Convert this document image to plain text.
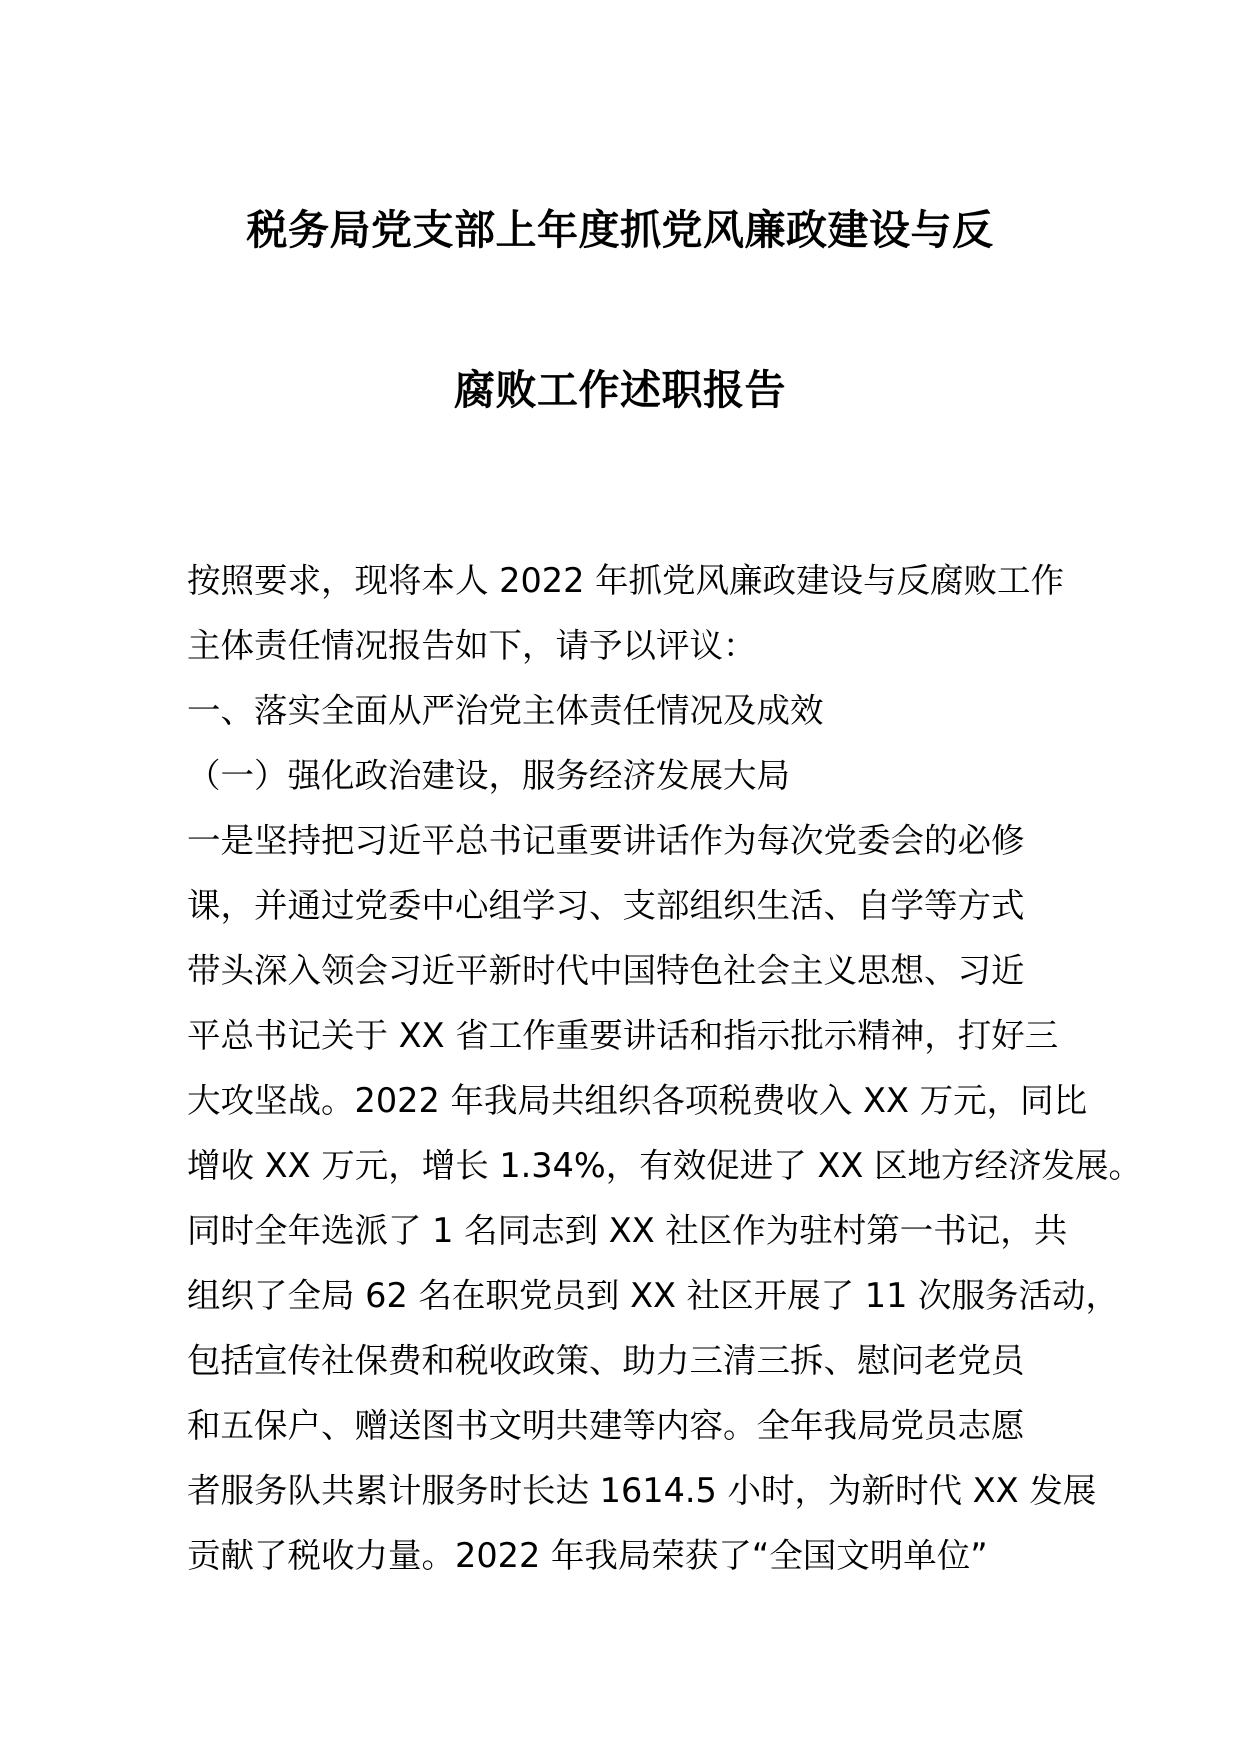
税务局党支部上年度抓党风廉政建设与反
腐败工作述职报告
按照要求，现将本人 2022 年抓党风廉政建设与反腐败工作
主体责任情况报告如下，请予以评议：
一、落实全面从严治党主体责任情况及成效
（一）强化政治建设，服务经济发展大局
一是坚持把习近平总书记重要讲话作为每次党委会的必修
课，并通过党委中心组学习、支部组织生活、自学等方式
带头深入领会习近平新时代中国特色社会主义思想、习近
平总书记关于 XX 省工作重要讲话和指示批示精神，打好三
大攻坚战。2022 年我局共组织各项税费收入 XX 万元，同比
增收 XX 万元，增长 1.34%，有效促进了 XX 区地方经济发展。
同时全年选派了 1 名同志到 XX 社区作为驻村第一书记，共
组织了全局 62 名在职党员到 XX 社区开展了 11 次服务活动，
包括宣传社保费和税收政策、助力三清三拆、慰问老党员
和五保户、赠送图书文明共建等内容。全年我局党员志愿
者服务队共累计服务时长达 1614.5 小时，为新时代 XX 发展
贡献了税收力量。2022 年我局荣获了“全国文明单位”
